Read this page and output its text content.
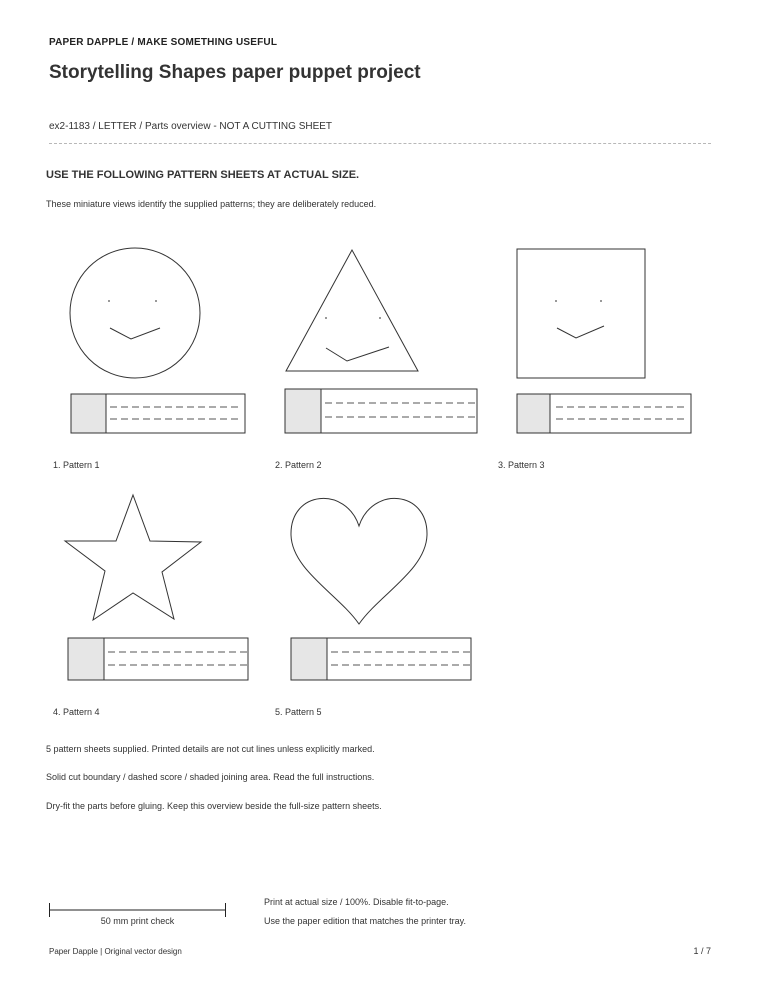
PAPER DAPPLE / MAKE SOMETHING USEFUL
Storytelling Shapes paper puppet project
ex2-1183 / LETTER / Parts overview - NOT A CUTTING SHEET
USE THE FOLLOWING PATTERN SHEETS AT ACTUAL SIZE.
These miniature views identify the supplied patterns; they are deliberately reduced.
1. Pattern 1	2. Pattern 2	3. Pattern 3
4. Pattern 4	5. Pattern 5
5 pattern sheets supplied. Printed details are not cut lines unless explicitly marked.
Solid cut boundary / dashed score / shaded joining area. Read the full instructions.
Dry-fit the parts before gluing. Keep this overview beside the full-size pattern sheets.
50 mm print check
Print at actual size / 100%. Disable fit-to-page.
Use the paper edition that matches the printer tray.
Paper Dapple | Original vector design	1 / 7
